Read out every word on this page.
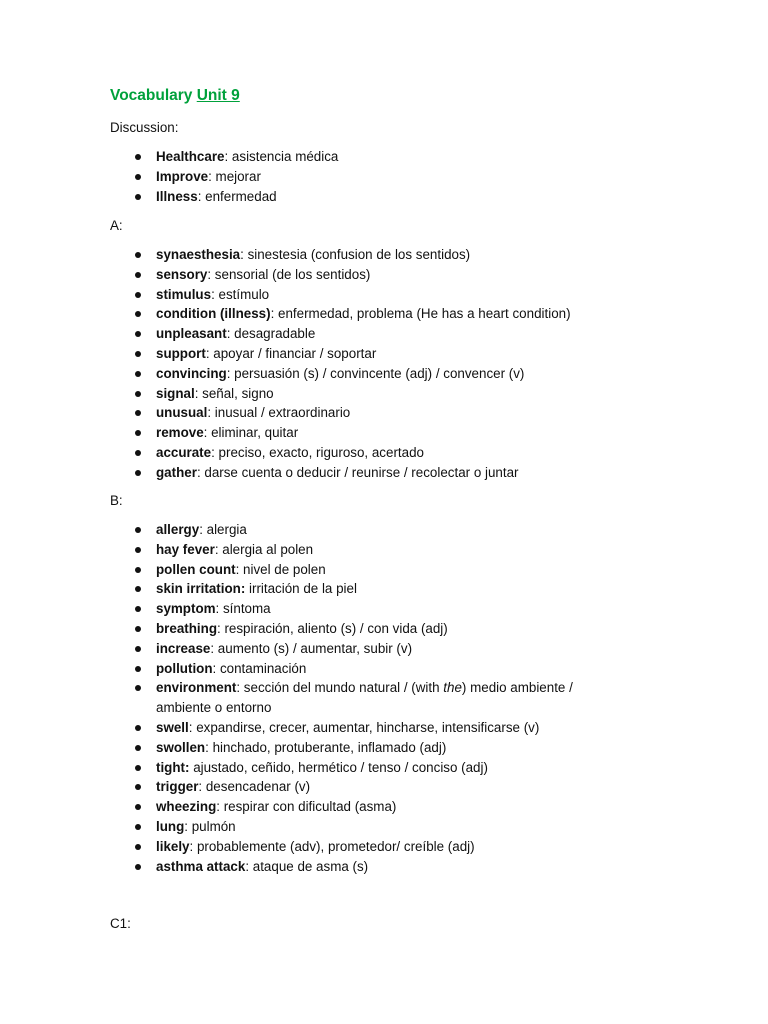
Vocabulary Unit 9
Discussion:
Healthcare: asistencia médica
Improve: mejorar
Illness: enfermedad
A:
synaesthesia: sinestesia (confusion de los sentidos)
sensory: sensorial (de los sentidos)
stimulus: estímulo
condition (illness): enfermedad, problema (He has a heart condition)
unpleasant: desagradable
support: apoyar / financiar / soportar
convincing: persuasión (s) / convincente (adj) / convencer (v)
signal: señal, signo
unusual: inusual / extraordinario
remove: eliminar, quitar
accurate: preciso, exacto, riguroso, acertado
gather: darse cuenta o deducir / reunirse / recolectar o juntar
B:
allergy: alergia
hay fever: alergia al polen
pollen count: nivel de polen
skin irritation: irritación de la piel
symptom: síntoma
breathing: respiración, aliento (s) / con vida (adj)
increase: aumento (s) / aumentar, subir (v)
pollution: contaminación
environment: sección del mundo natural / (with the) medio ambiente / ambiente o entorno
swell: expandirse, crecer, aumentar, hincharse, intensificarse (v)
swollen: hinchado, protuberante, inflamado (adj)
tight: ajustado, ceñido, hermético / tenso / conciso (adj)
trigger: desencadenar (v)
wheezing: respirar con dificultad (asma)
lung: pulmón
likely: probablemente (adv), prometedor/ creíble (adj)
asthma attack: ataque de asma (s)
C1:
